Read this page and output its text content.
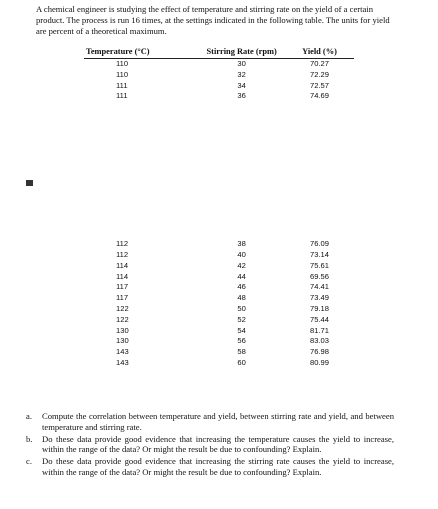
A chemical engineer is studying the effect of temperature and stirring rate on the yield of a certain product. The process is run 16 times, at the settings indicated in the following table. The units for yield are percent of a theoretical maximum.
Temperature (°C)	Stirring Rate (rpm)	Yield (%)
110	30	70.27
110	32	72.29
111	34	72.57
111	36	74.69

112	38	76.09
112	40	73.14
114	42	75.61
114	44	69.56
117	46	74.41
117	48	73.49
122	50	79.18
122	52	75.44
130	54	81.71
130	56	83.03
143	58	76.98
143	60	80.99
a.	Compute the correlation between temperature and yield, between stirring rate and yield, and between temperature and stirring rate.
b.	Do these data provide good evidence that increasing the temperature causes the yield to increase, within the range of the data? Or might the result be due to confounding? Explain.
c.	Do these data provide good evidence that increasing the stirring rate causes the yield to increase, within the range of the data? Or might the result be due to confounding? Explain.
